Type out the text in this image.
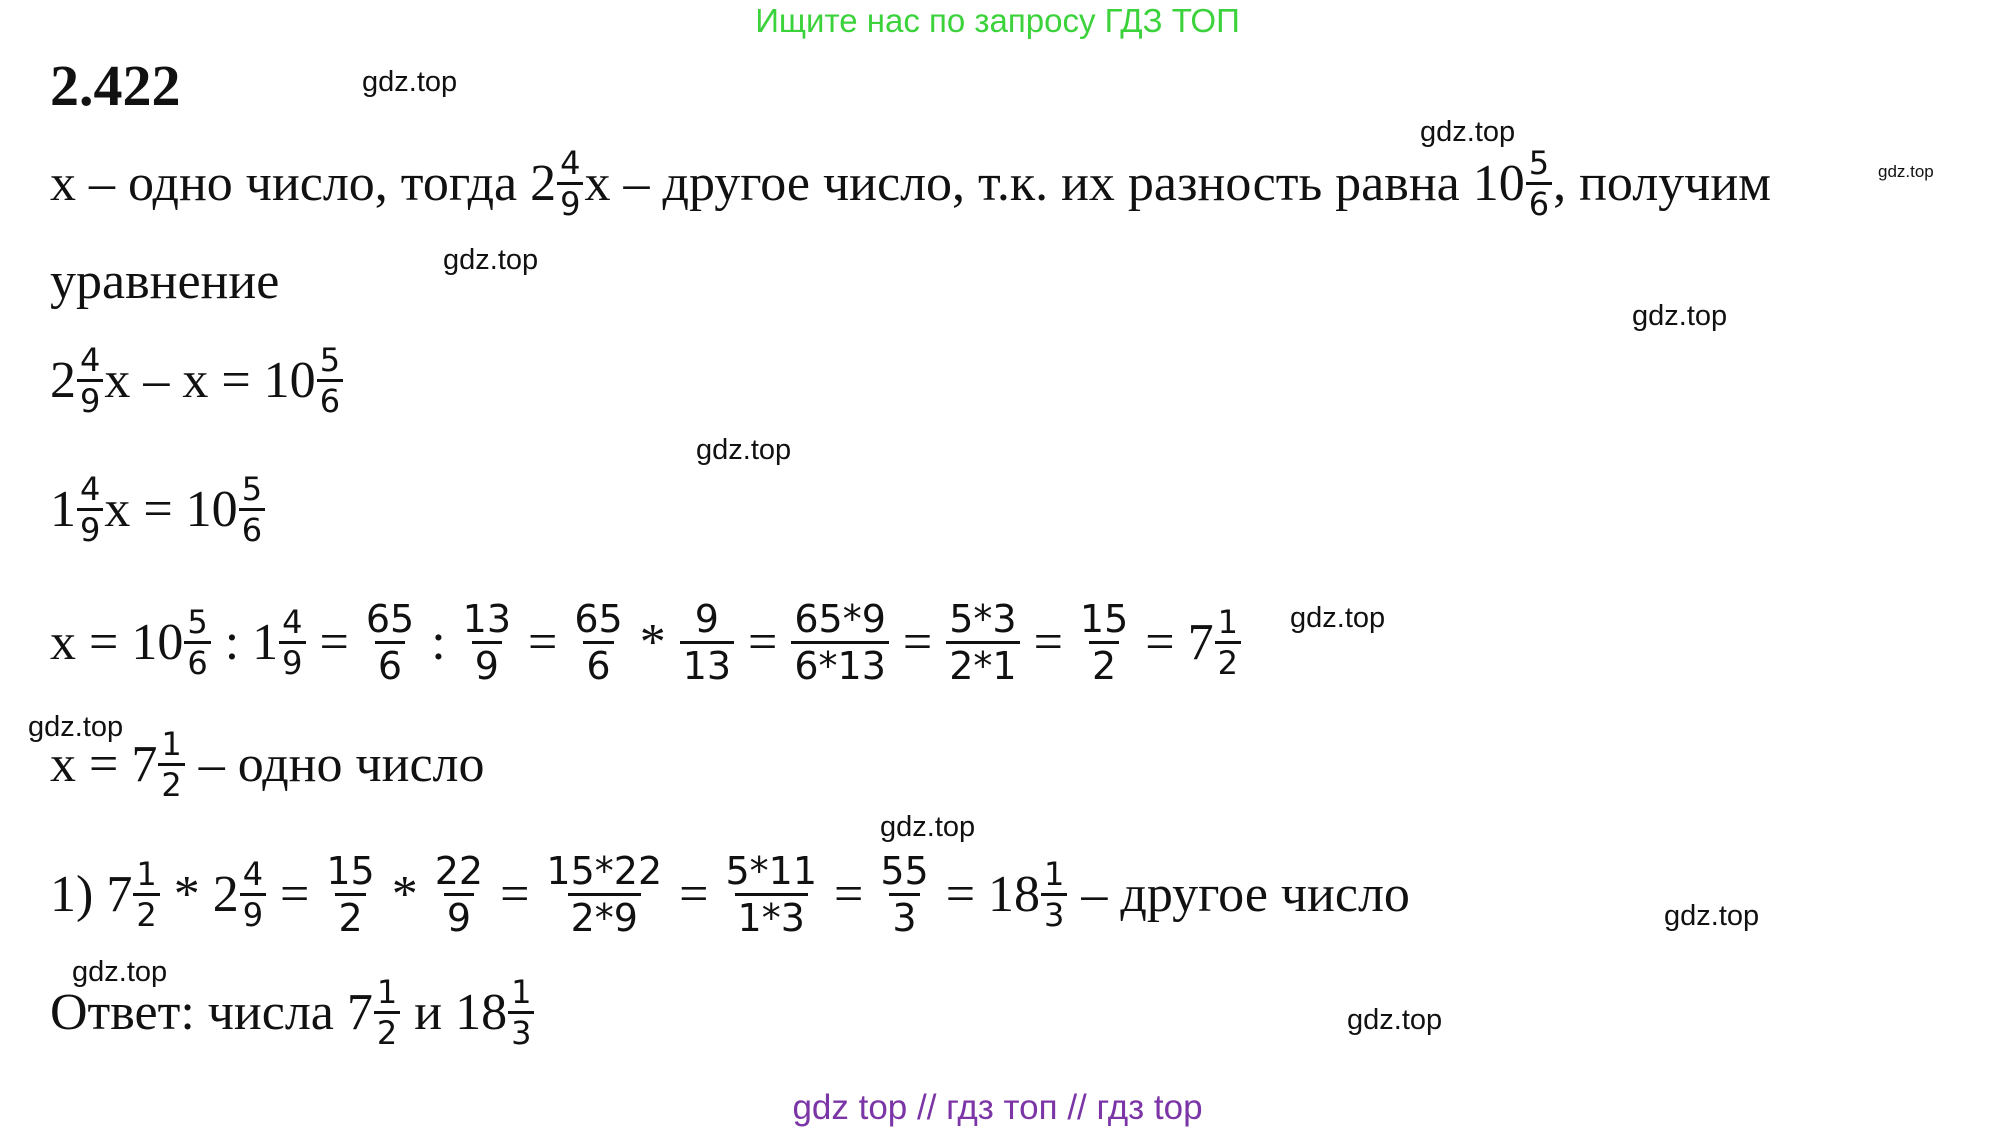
Ищите нас по запросу ГДЗ ТОП
gdz top // гдз топ // гдз top
2.422	gdz.top
gdz.top
gdz.top
gdz.top
gdz.top
gdz.top
gdz.top
gdz.top
gdz.top
gdz.top
gdz.top
gdz.top
x – одно число, тогда $2 \frac{4}{9}$ x – другое число, т.к. их разность равна $10 \frac{5}{6}$ , получим
уравнение
$2 \frac{4}{9}$ $x - x = 10 \frac{5}{6}$
$1 \frac{4}{9}$ $x = 10 \frac{5}{6}$
$x = 10 \frac{5}{6}$ : $1 \frac{4}{9} = \frac{65}{6}$ : $\frac{13}{9} = \frac{65}{6} * \frac{9}{13} = \frac{65*9}{6*13} = \frac{5*3}{2*1} = \frac{15}{2} = 7 \frac{1}{2}$
$x = 7 \frac{1}{2}$ – одно число
1) $7 \frac{1}{2} * 2 \frac{4}{9} = \frac{15}{2} * \frac{22}{9} = \frac{15*22}{2*9} = \frac{5*11}{1*3} = \frac{55}{3} = 18 \frac{1}{3}$ – другое число
Ответ: числа $7 \frac{1}{2}$ и $18 \frac{1}{3}$
